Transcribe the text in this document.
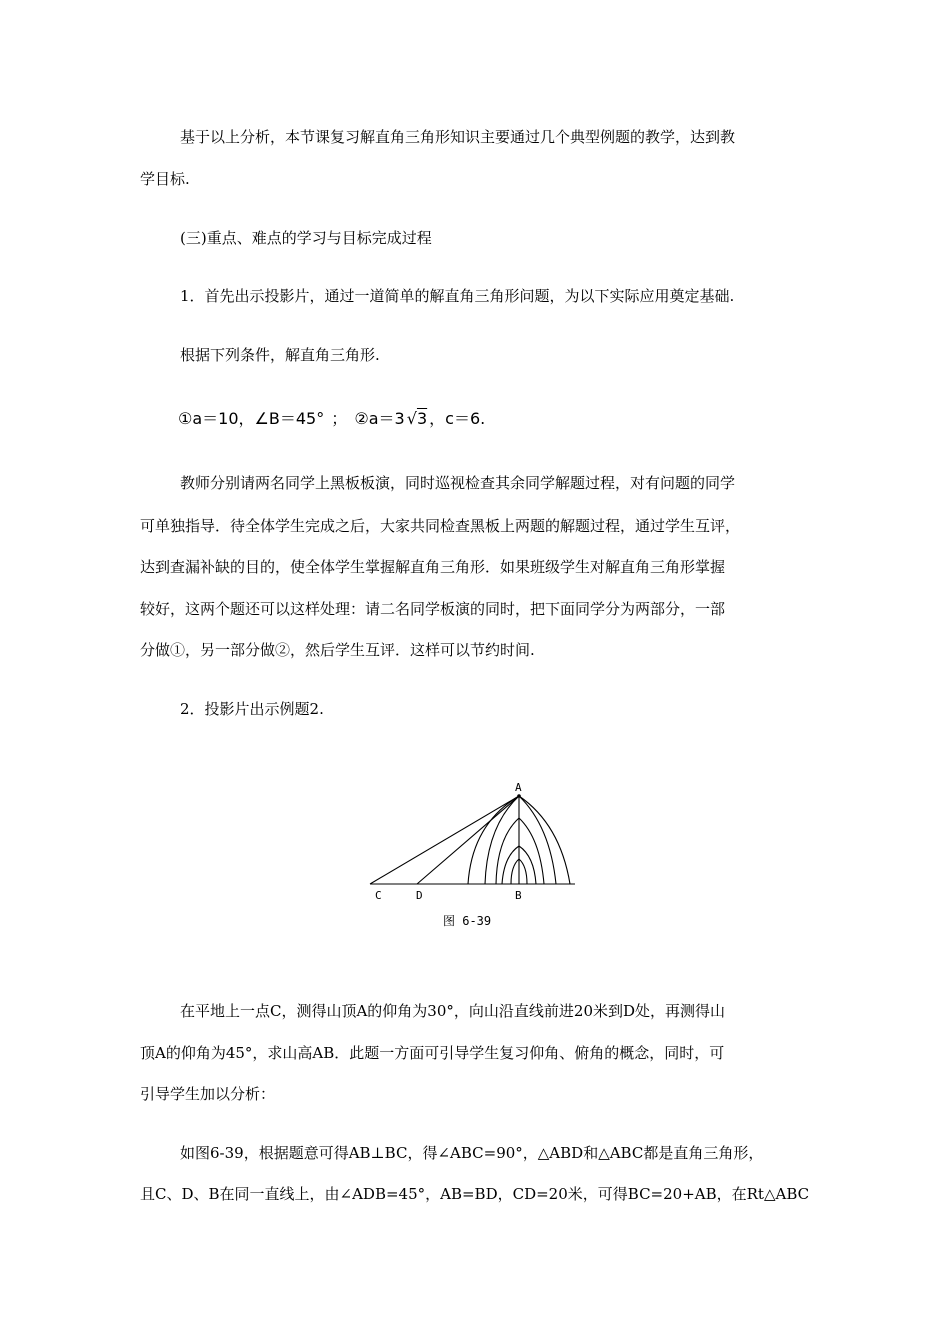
基于以上分析，本节课复习解直角三角形知识主要通过几个典型例题的教学，达到教
学目标.
(三)重点、难点的学习与目标完成过程
1．首先出示投影片，通过一道简单的解直角三角形问题，为以下实际应用奠定基础.
根据下列条件，解直角三角形.
①a＝10，∠B＝45° ； ②a＝3 √3 ，c＝6.
教师分别请两名同学上黑板板演，同时巡视检查其余同学解题过程，对有问题的同学
可单独指导．待全体学生完成之后，大家共同检查黑板上两题的解题过程，通过学生互评，
达到查漏补缺的目的，使全体学生掌握解直角三角形．如果班级学生对解直角三角形掌握
较好，这两个题还可以这样处理：请二名同学板演的同时，把下面同学分为两部分，一部
分做①，另一部分做②，然后学生互评．这样可以节约时间.
2．投影片出示例题2.
A
B
C	D
图 6-39
在平地上一点C，测得山顶A的仰角为30°，向山沿直线前进20米到D处，再测得山
顶A的仰角为45°，求山高AB．此题一方面可引导学生复习仰角、俯角的概念，同时，可
引导学生加以分析：
如图6-39，根据题意可得AB⊥BC，得∠ABC=90°，△ABD和△ABC都是直角三角形，
且C、D、B在同一直线上，由∠ADB=45°，AB=BD，CD=20米，可得BC=20+AB，在Rt△ABC
